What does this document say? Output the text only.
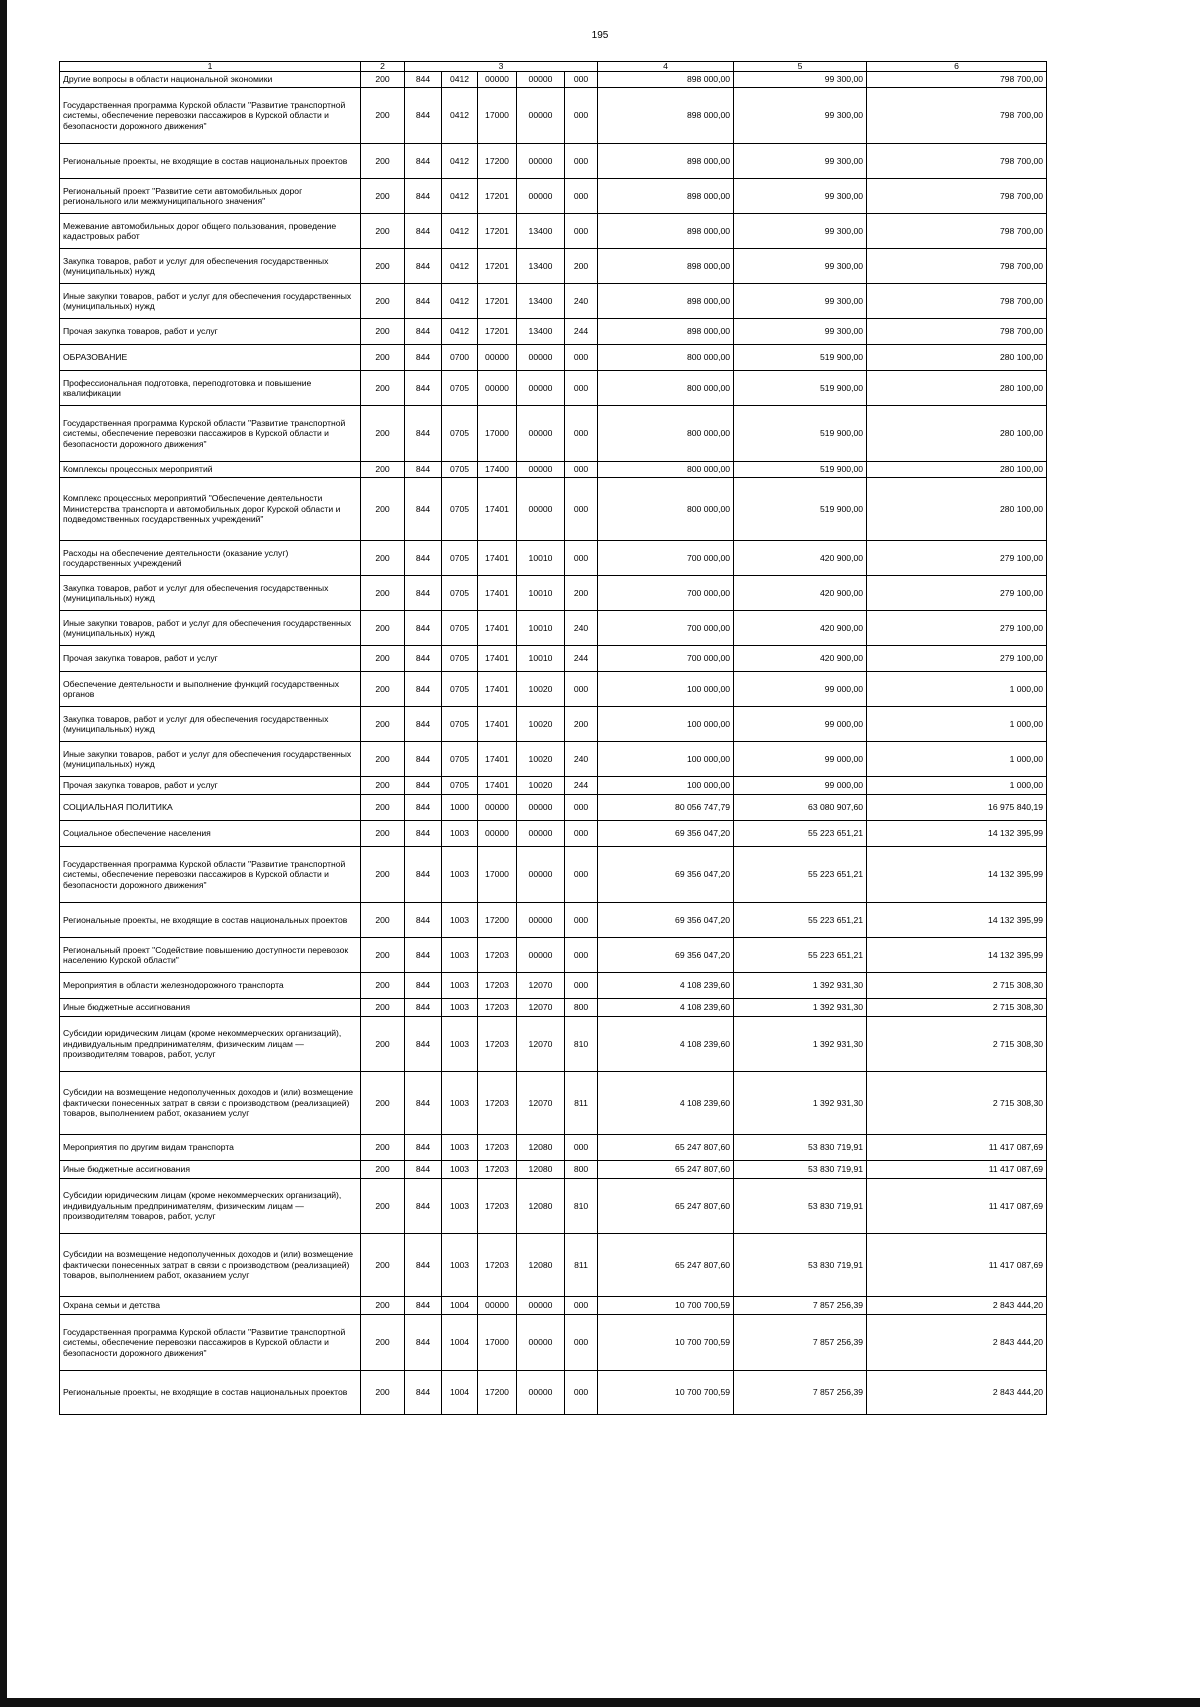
195
1	2	3					4	5	6
Другие вопросы в области национальной экономики	200	844	0412	00000	00000	000	898 000,00	99 300,00	798 700,00
Государственная программа Курской области "Развитие транспортной системы, обеспечение перевозки пассажиров в Курской области и безопасности дорожного движения"	200	844	0412	17000	00000	000	898 000,00	99 300,00	798 700,00
Региональные проекты, не входящие в состав национальных проектов	200	844	0412	17200	00000	000	898 000,00	99 300,00	798 700,00
Региональный проект "Развитие сети автомобильных дорог регионального или межмуниципального значения"	200	844	0412	17201	00000	000	898 000,00	99 300,00	798 700,00
Межевание автомобильных дорог общего пользования, проведение кадастровых работ	200	844	0412	17201	13400	000	898 000,00	99 300,00	798 700,00
Закупка товаров, работ и услуг для обеспечения государственных (муниципальных) нужд	200	844	0412	17201	13400	200	898 000,00	99 300,00	798 700,00
Иные закупки товаров, работ и услуг для обеспечения государственных (муниципальных) нужд	200	844	0412	17201	13400	240	898 000,00	99 300,00	798 700,00
Прочая закупка товаров, работ и услуг	200	844	0412	17201	13400	244	898 000,00	99 300,00	798 700,00
ОБРАЗОВАНИЕ	200	844	0700	00000	00000	000	800 000,00	519 900,00	280 100,00
Профессиональная подготовка, переподготовка и повышение квалификации	200	844	0705	00000	00000	000	800 000,00	519 900,00	280 100,00
Государственная программа Курской области "Развитие транспортной системы, обеспечение перевозки пассажиров в Курской области и безопасности дорожного движения"	200	844	0705	17000	00000	000	800 000,00	519 900,00	280 100,00
Комплексы процессных мероприятий	200	844	0705	17400	00000	000	800 000,00	519 900,00	280 100,00
Комплекс процессных мероприятий "Обеспечение деятельности Министерства транспорта и автомобильных дорог Курской области и подведомственных государственных учреждений"	200	844	0705	17401	00000	000	800 000,00	519 900,00	280 100,00
Расходы на обеспечение деятельности (оказание услуг) государственных учреждений	200	844	0705	17401	10010	000	700 000,00	420 900,00	279 100,00
Закупка товаров, работ и услуг для обеспечения государственных (муниципальных) нужд	200	844	0705	17401	10010	200	700 000,00	420 900,00	279 100,00
Иные закупки товаров, работ и услуг для обеспечения государственных (муниципальных) нужд	200	844	0705	17401	10010	240	700 000,00	420 900,00	279 100,00
Прочая закупка товаров, работ и услуг	200	844	0705	17401	10010	244	700 000,00	420 900,00	279 100,00
Обеспечение деятельности и выполнение функций государственных органов	200	844	0705	17401	10020	000	100 000,00	99 000,00	1 000,00
Закупка товаров, работ и услуг для обеспечения государственных (муниципальных) нужд	200	844	0705	17401	10020	200	100 000,00	99 000,00	1 000,00
Иные закупки товаров, работ и услуг для обеспечения государственных (муниципальных) нужд	200	844	0705	17401	10020	240	100 000,00	99 000,00	1 000,00
Прочая закупка товаров, работ и услуг	200	844	0705	17401	10020	244	100 000,00	99 000,00	1 000,00
СОЦИАЛЬНАЯ ПОЛИТИКА	200	844	1000	00000	00000	000	80 056 747,79	63 080 907,60	16 975 840,19
Социальное обеспечение населения	200	844	1003	00000	00000	000	69 356 047,20	55 223 651,21	14 132 395,99
Государственная программа Курской области "Развитие транспортной системы, обеспечение перевозки пассажиров в Курской области и безопасности дорожного движения"	200	844	1003	17000	00000	000	69 356 047,20	55 223 651,21	14 132 395,99
Региональные проекты, не входящие в состав национальных проектов	200	844	1003	17200	00000	000	69 356 047,20	55 223 651,21	14 132 395,99
Региональный проект "Содействие повышению доступности перевозок населению Курской области"	200	844	1003	17203	00000	000	69 356 047,20	55 223 651,21	14 132 395,99
Мероприятия в области железнодорожного транспорта	200	844	1003	17203	12070	000	4 108 239,60	1 392 931,30	2 715 308,30
Иные бюджетные ассигнования	200	844	1003	17203	12070	800	4 108 239,60	1 392 931,30	2 715 308,30
Субсидии юридическим лицам (кроме некоммерческих организаций), индивидуальным предпринимателям, физическим лицам — производителям товаров, работ, услуг	200	844	1003	17203	12070	810	4 108 239,60	1 392 931,30	2 715 308,30
Субсидии на возмещение недополученных доходов и (или) возмещение фактически понесенных затрат в связи с производством (реализацией) товаров, выполнением работ, оказанием услуг	200	844	1003	17203	12070	811	4 108 239,60	1 392 931,30	2 715 308,30
Мероприятия по другим видам транспорта	200	844	1003	17203	12080	000	65 247 807,60	53 830 719,91	11 417 087,69
Иные бюджетные ассигнования	200	844	1003	17203	12080	800	65 247 807,60	53 830 719,91	11 417 087,69
Субсидии юридическим лицам (кроме некоммерческих организаций), индивидуальным предпринимателям, физическим лицам — производителям товаров, работ, услуг	200	844	1003	17203	12080	810	65 247 807,60	53 830 719,91	11 417 087,69
Субсидии на возмещение недополученных доходов и (или) возмещение фактически понесенных затрат в связи с производством (реализацией) товаров, выполнением работ, оказанием услуг	200	844	1003	17203	12080	811	65 247 807,60	53 830 719,91	11 417 087,69
Охрана семьи и детства	200	844	1004	00000	00000	000	10 700 700,59	7 857 256,39	2 843 444,20
Государственная программа Курской области "Развитие транспортной системы, обеспечение перевозки пассажиров в Курской области и безопасности дорожного движения"	200	844	1004	17000	00000	000	10 700 700,59	7 857 256,39	2 843 444,20
Региональные проекты, не входящие в состав национальных проектов	200	844	1004	17200	00000	000	10 700 700,59	7 857 256,39	2 843 444,20
